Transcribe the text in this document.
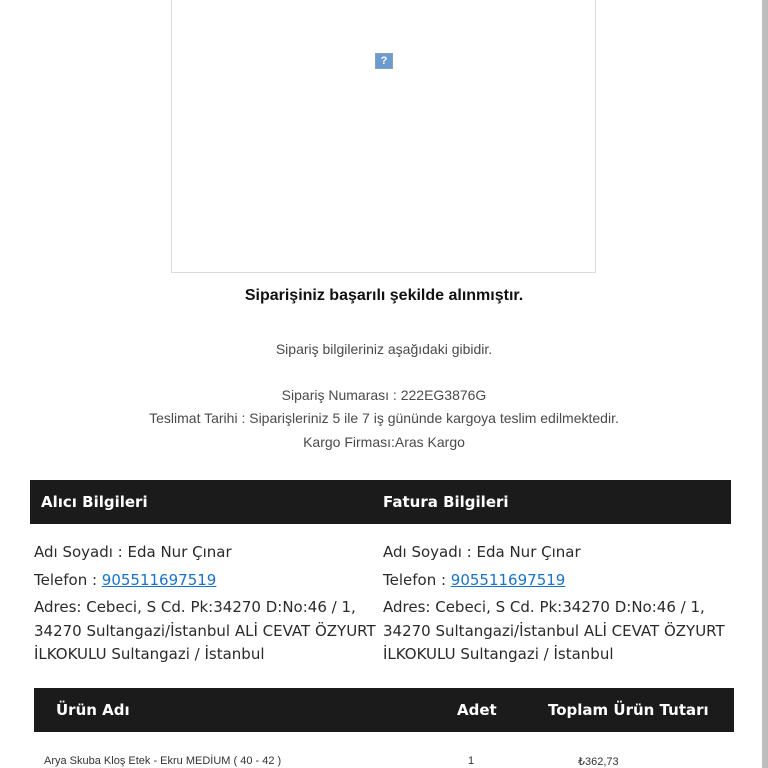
?
Siparişiniz başarılı şekilde alınmıştır.
Sipariş bilgileriniz aşağıdaki gibidir.
Sipariş Numarası : 222EG3876G
Teslimat Tarihi : Siparişleriniz 5 ile 7 iş gününde kargoya teslim edilmektedir.
Kargo Firması:Aras Kargo
Alıcı Bilgileri	Fatura Bilgileri
Adı Soyadı : Eda Nur Çınar
Telefon : 905511697519
Adres: Cebeci, S Cd. Pk:34270 D:No:46 / 1, 34270 Sultangazi/İstanbul ALİ CEVAT ÖZYURT İLKOKULU Sultangazi / İstanbul
Adı Soyadı : Eda Nur Çınar
Telefon : 905511697519
Adres: Cebeci, S Cd. Pk:34270 D:No:46 / 1, 34270 Sultangazi/İstanbul ALİ CEVAT ÖZYURT İLKOKULU Sultangazi / İstanbul
Ürün Adı	Adet	Toplam Ürün Tutarı
Arya Skuba Kloş Etek - Ekru MEDİUM ( 40 - 42 )	1	₺362,73
